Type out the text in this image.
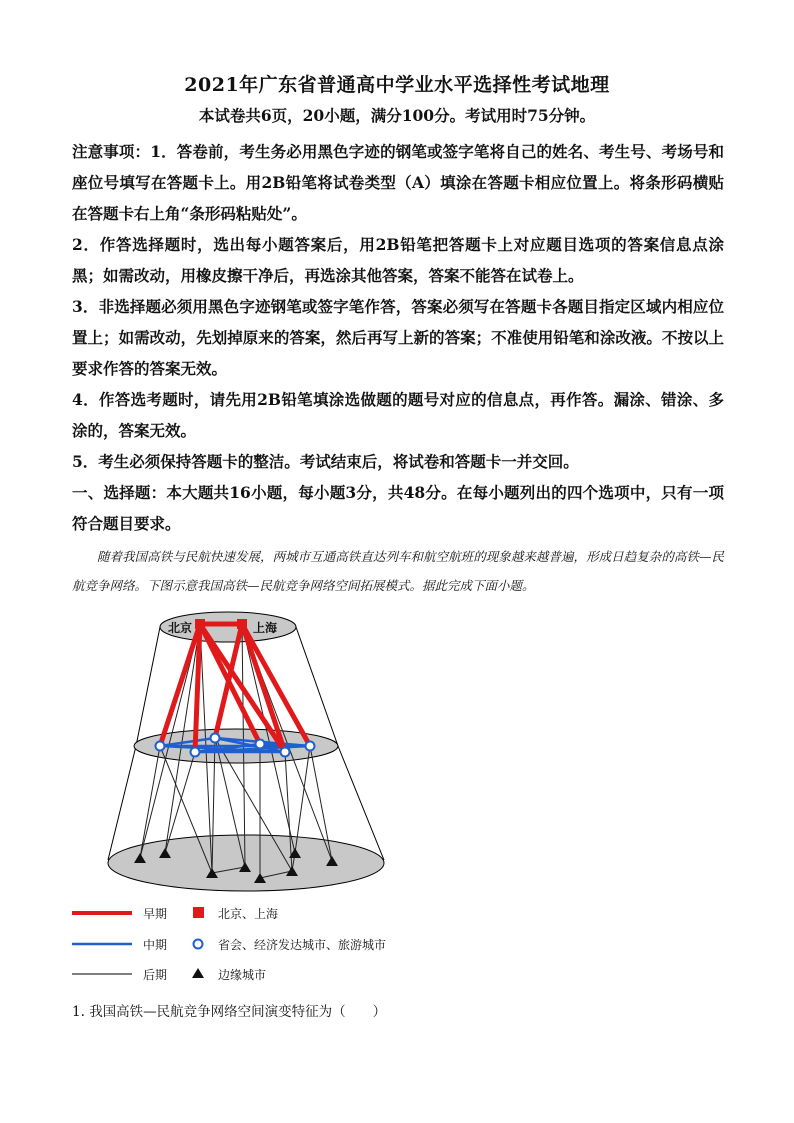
2021年广东省普通高中学业水平选择性考试地理
本试卷共6页，20小题，满分100分。考试用时75分钟。
注意事项：1．答卷前，考生务必用黑色字迹的钢笔或签字笔将自己的姓名、考生号、考场号和座位号填写在答题卡上。用2B铅笔将试卷类型（A）填涂在答题卡相应位置上。将条形码横贴在答题卡右上角“条形码粘贴处”。
2．作答选择题时，选出每小题答案后，用2B铅笔把答题卡上对应题目选项的答案信息点涂黑；如需改动，用橡皮擦干净后，再选涂其他答案，答案不能答在试卷上。
3．非选择题必须用黑色字迹钢笔或签字笔作答，答案必须写在答题卡各题目指定区域内相应位置上；如需改动，先划掉原来的答案，然后再写上新的答案；不准使用铅笔和涂改液。不按以上要求作答的答案无效。
4．作答选考题时，请先用2B铅笔填涂选做题的题号对应的信息点，再作答。漏涂、错涂、多涂的，答案无效。
5．考生必须保持答题卡的整洁。考试结束后，将试卷和答题卡一并交回。
一、选择题：本大题共16小题，每小题3分，共48分。在每小题列出的四个选项中，只有一项符合题目要求。
随着我国高铁与民航快速发展，两城市互通高铁直达列车和航空航班的现象越来越普遍，形成日趋复杂的高铁—民航竞争网络。下图示意我国高铁—民航竞争网络空间拓展模式。据此完成下面小题。
北京	上海
早期	北京、上海
中期	省会、经济发达城市、旅游城市
后期	边缘城市
1. 我国高铁—民航竞争网络空间演变特征为（　　）
